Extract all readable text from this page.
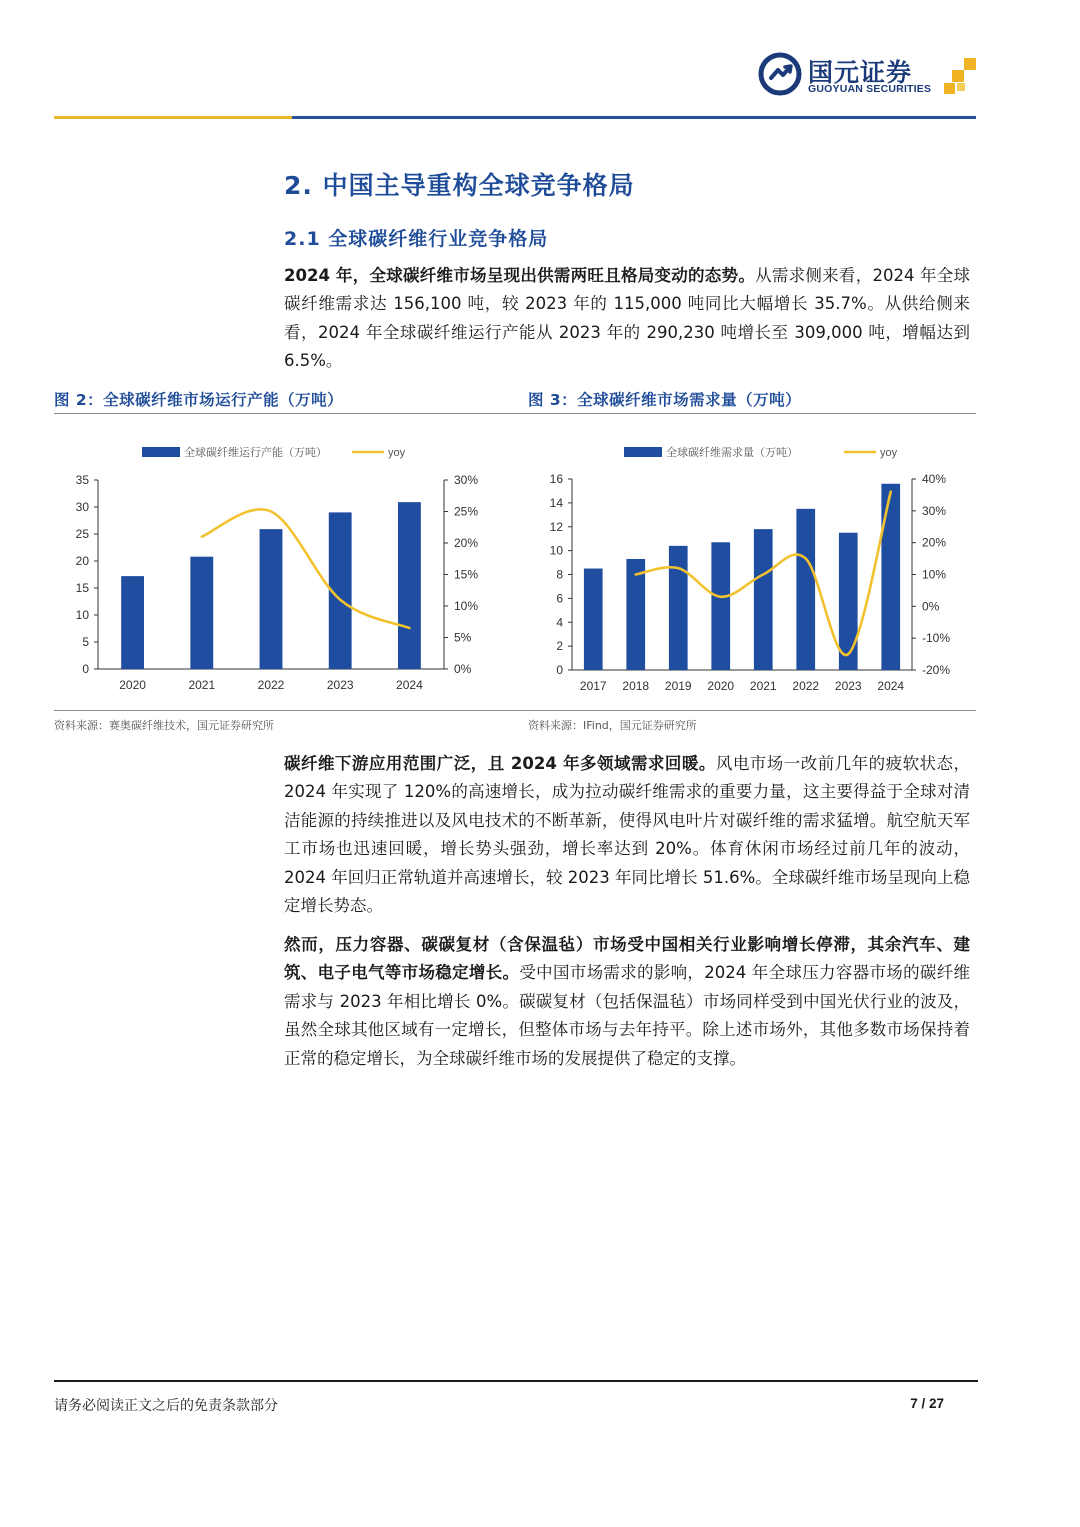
国元证券
GUOYUAN SECURITIES
2. 中国主导重构全球竞争格局
2.1 全球碳纤维行业竞争格局
2024 年，全球碳纤维市场呈现出供需两旺且格局变动的态势。从需求侧来看，2024 年全球碳纤维需求达 156,100 吨，较 2023 年的 115,000 吨同比大幅增长 35.7%。从供给侧来看，2024 年全球碳纤维运行产能从 2023 年的 290,230 吨增长至 309,000 吨，增幅达到 6.5%。
图 2：全球碳纤维市场运行产能（万吨）	图 3：全球碳纤维市场需求量（万吨）
0
5
10
15
20
25
30
35
0%
5%
10%
15%
20%
25%
30%
2020	2021	2022	2023	2024
全球碳纤维运行产能（万吨）	yoy
0
2
4
6
8
10
12
14
16
-20%
-10%
0%
10%
20%
30%
40%
2017 2018 2019 2020 2021 2022 2023 2024
全球碳纤维需求量（万吨）	yoy
资料来源：赛奥碳纤维技术，国元证券研究所	资料来源：IFind，国元证券研究所
碳纤维下游应用范围广泛，且 2024 年多领域需求回暖。风电市场一改前几年的疲软状态，2024 年实现了 120%的高速增长，成为拉动碳纤维需求的重要力量，这主要得益于全球对清洁能源的持续推进以及风电技术的不断革新，使得风电叶片对碳纤维的需求猛增。航空航天军工市场也迅速回暖，增长势头强劲，增长率达到 20%。体育休闲市场经过前几年的波动，2024 年回归正常轨道并高速增长，较 2023 年同比增长 51.6%。全球碳纤维市场呈现向上稳定增长势态。
然而，压力容器、碳碳复材（含保温毡）市场受中国相关行业影响增长停滞，其余汽车、建筑、电子电气等市场稳定增长。受中国市场需求的影响，2024 年全球压力容器市场的碳纤维需求与 2023 年相比增长 0%。碳碳复材（包括保温毡）市场同样受到中国光伏行业的波及，虽然全球其他区域有一定增长，但整体市场与去年持平。除上述市场外，其他多数市场保持着正常的稳定增长，为全球碳纤维市场的发展提供了稳定的支撑。
请务必阅读正文之后的免责条款部分	7 / 27
